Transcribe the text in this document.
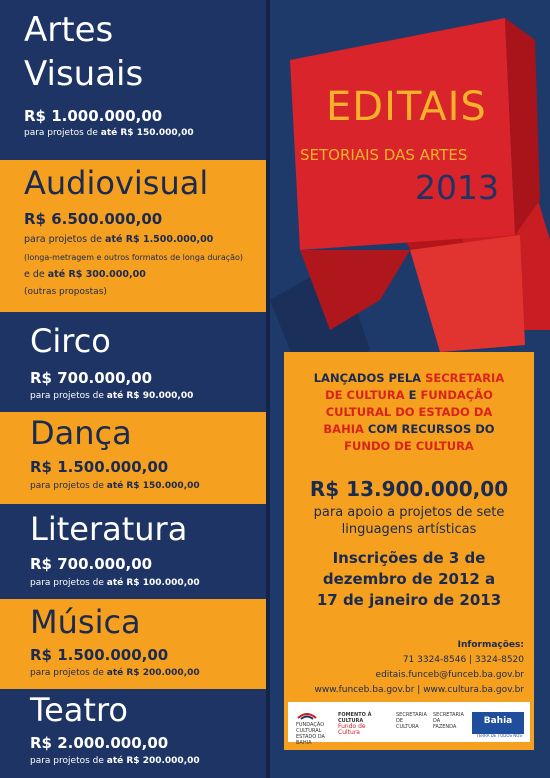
Artes
Visuais
R$ 1.000.000,00
para projetos de até R$ 150.000,00
Audiovisual
R$ 6.500.000,00
para projetos de até R$ 1.500.000,00
(longa-metragem e outros formatos de longa duração)
e de até R$ 300.000,00
(outras propostas)
Circo
R$ 700.000,00
para projetos de até R$ 90.000,00
Dança
R$ 1.500.000,00
para projetos de até R$ 150.000,00
Literatura
R$ 700.000,00
para projetos de até R$ 100.000,00
Música
R$ 1.500.000,00
para projetos de até R$ 200.000,00
Teatro
R$ 2.000.000,00
para projetos de até R$ 200.000,00
EDITAIS
SETORIAIS DAS ARTES
2013
LANÇADOS PELA SECRETARIA
DE CULTURA E FUNDAÇÃO
CULTURAL DO ESTADO DA
BAHIA COM RECURSOS DO
FUNDO DE CULTURA
R$ 13.900.000,00
para apoio a projetos de sete
linguagens artísticas
Inscrições de 3 de
dezembro de 2012 a
17 de janeiro de 2013
Informações:
71 3324-8546 | 3324-8520
editais.funceb@funceb.ba.gov.br
www.funceb.ba.gov.br | www.cultura.ba.gov.br

FUNDAÇÃO CULTURAL ESTADO DA BAHIA
FOMENTO À CULTURA
Fundo de Cultura
SECRETARIA DE CULTURA
SECRETARIA DA FAZENDA
Bahia
TERRA DE TODOS NÓS
